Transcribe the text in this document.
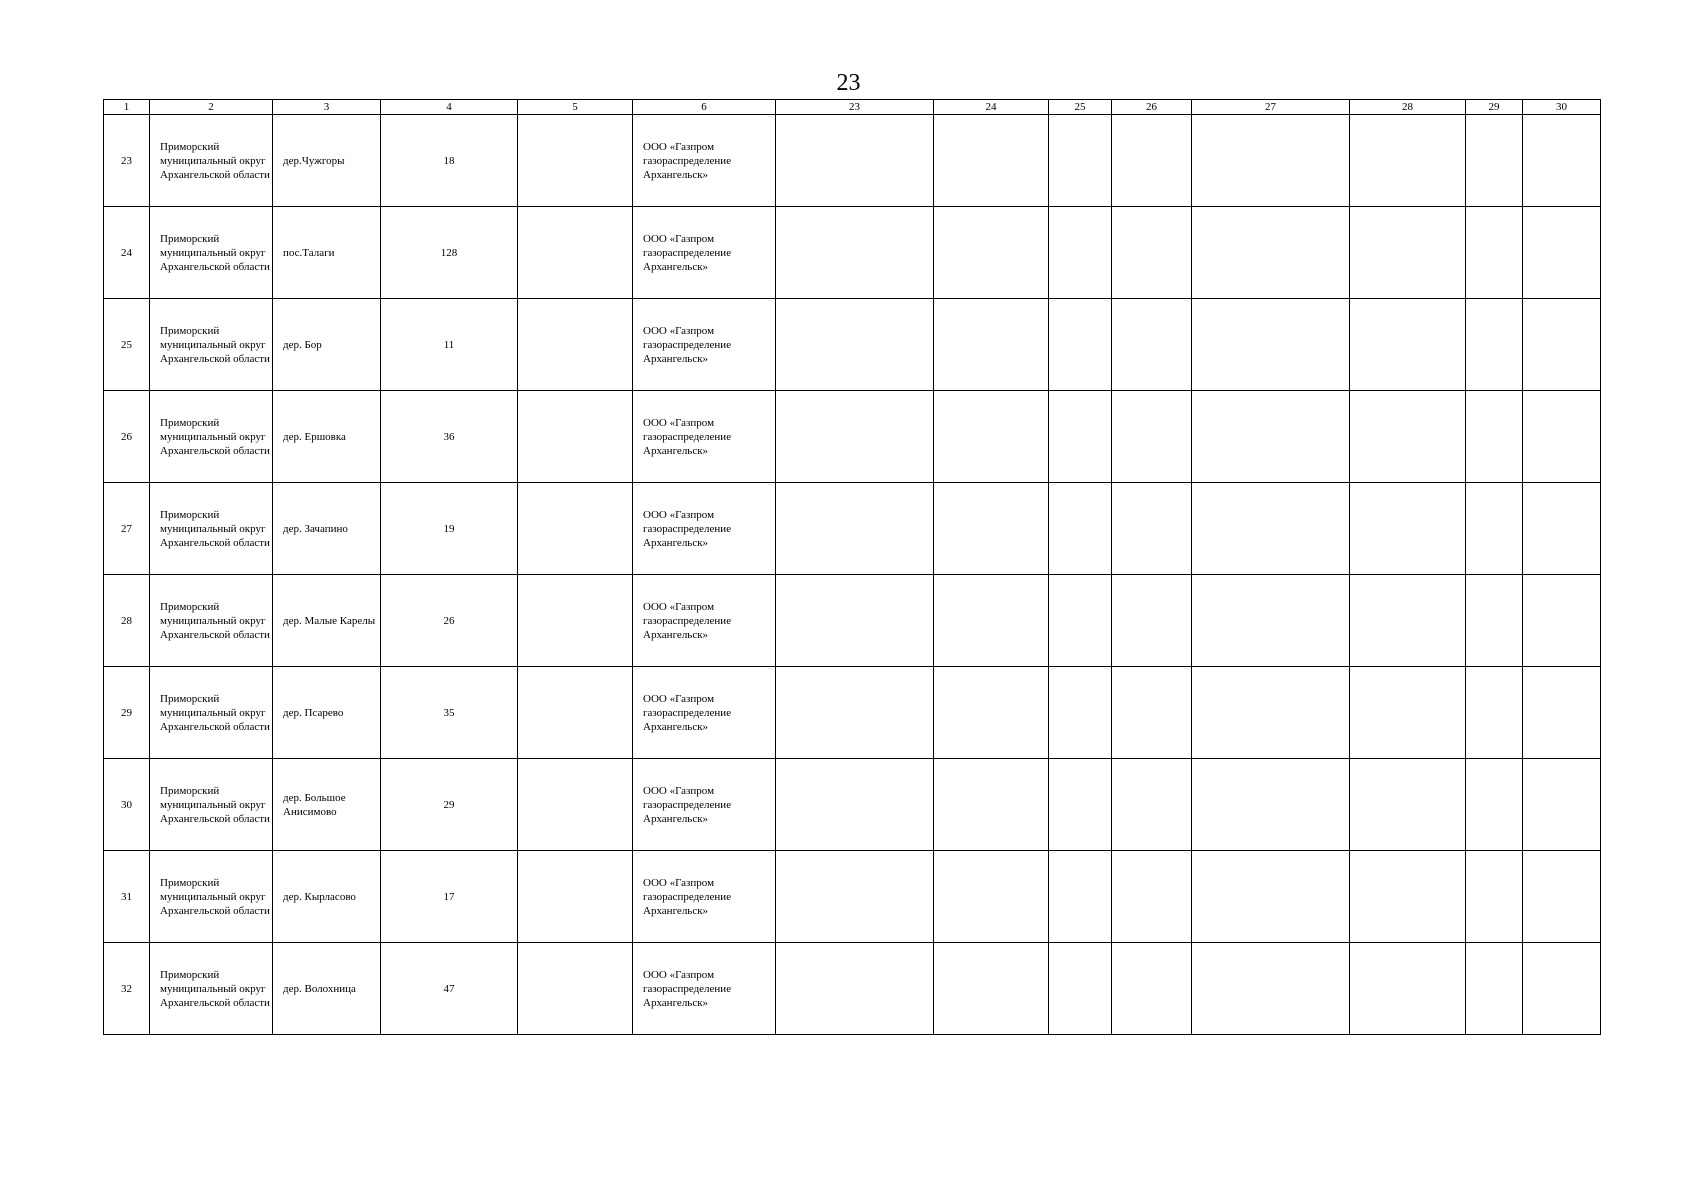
23
1	2	3	4	5	6	23	24	25	26	27	28	29	30
23	Приморский муниципальный округ Архангельской области	дер.Чужгоры	18		ООО «Газпром газораспределение Архангельск»								
24	Приморский муниципальный округ Архангельской области	пос.Талаги	128		ООО «Газпром газораспределение Архангельск»								
25	Приморский муниципальный округ Архангельской области	дер. Бор	11		ООО «Газпром газораспределение Архангельск»								
26	Приморский муниципальный округ Архангельской области	дер. Ершовка	36		ООО «Газпром газораспределение Архангельск»								
27	Приморский муниципальный округ Архангельской области	дер. Зачапино	19		ООО «Газпром газораспределение Архангельск»								
28	Приморский муниципальный округ Архангельской области	дер. Малые Карелы	26		ООО «Газпром газораспределение Архангельск»								
29	Приморский муниципальный округ Архангельской области	дер. Псарево	35		ООО «Газпром газораспределение Архангельск»								
30	Приморский муниципальный округ Архангельской области	дер. Большое Анисимово	29		ООО «Газпром газораспределение Архангельск»								
31	Приморский муниципальный округ Архангельской области	дер. Кырласово	17		ООО «Газпром газораспределение Архангельск»								
32	Приморский муниципальный округ Архангельской области	дер. Волохница	47		ООО «Газпром газораспределение Архангельск»								
